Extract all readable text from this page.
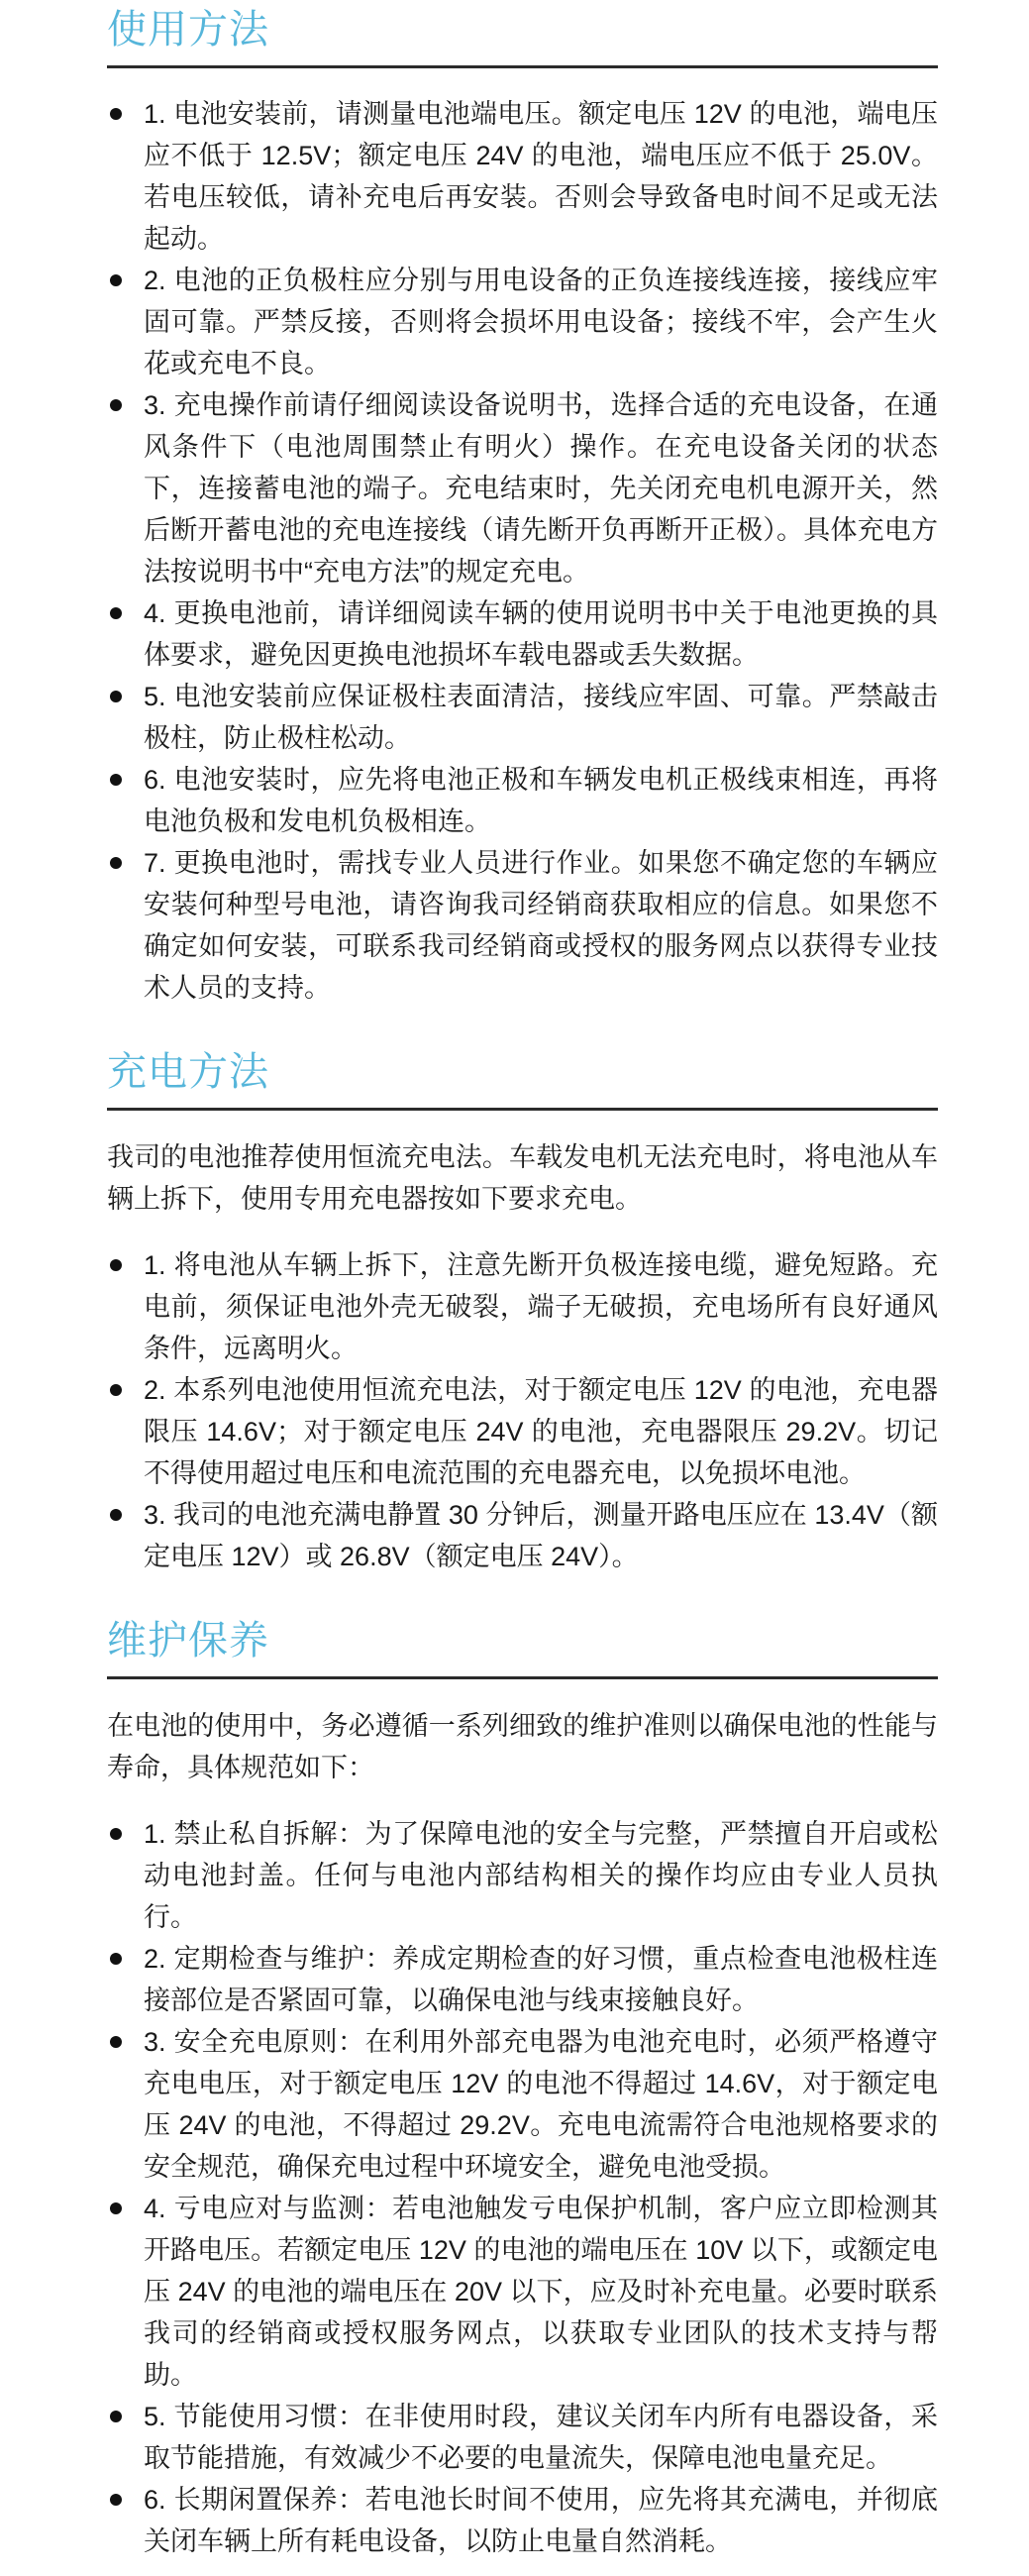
使用方法
1. 电池安装前，请测量电池端电压。额定电压 12V 的电池，端电压应不低于 12.5V；额定电压 24V 的电池，端电压应不低于 25.0V。若电压较低，请补充电后再安装。否则会导致备电时间不足或无法起动。
2. 电池的正负极柱应分别与用电设备的正负连接线连接，接线应牢固可靠。严禁反接，否则将会损坏用电设备；接线不牢，会产生火花或充电不良。
3. 充电操作前请仔细阅读设备说明书，选择合适的充电设备，在通风条件下（电池周围禁止有明火）操作。在充电设备关闭的状态下，连接蓄电池的端子。充电结束时，先关闭充电机电源开关，然后断开蓄电池的充电连接线（请先断开负再断开正极）。具体充电方法按说明书中“充电方法”的规定充电。
4. 更换电池前，请详细阅读车辆的使用说明书中关于电池更换的具体要求，避免因更换电池损坏车载电器或丢失数据。
5. 电池安装前应保证极柱表面清洁，接线应牢固、可靠。严禁敲击 极柱，防止极柱松动。
6. 电池安装时，应先将电池正极和车辆发电机正极线束相连，再将电池负极和发电机负极相连。
7. 更换电池时，需找专业人员进行作业。如果您不确定您的车辆应安装何种型号电池，请咨询我司经销商获取相应的信息。如果您不确定如何安装，可联系我司经销商或授权的服务网点以获得专业技术人员的支持。
充电方法

我司的电池推荐使用恒流充电法。车载发电机无法充电时，将电池从车辆上拆下，使用专用充电器按如下要求充电。

1. 将电池从车辆上拆下，注意先断开负极连接电缆，避免短路。充电前，须保证电池外壳无破裂，端子无破损，充电场所有良好通风条件，远离明火。
2. 本系列电池使用恒流充电法，对于额定电压 12V 的电池，充电器限压 14.6V；对于额定电压 24V 的电池，充电器限压 29.2V。切记不得使用超过电压和电流范围的充电器充电，以免损坏电池。
3. 我司的电池充满电静置 30 分钟后，测量开路电压应在 13.4V（额定电压 12V）或 26.8V（额定电压 24V）。
维护保养

在电池的使用中，务必遵循一系列细致的维护准则以确保电池的性能与寿命，具体规范如下：

1. 禁止私自拆解：为了保障电池的安全与完整，严禁擅自开启或松 动电池封盖。任何与电池内部结构相关的操作均应由专业人员执行。
2. 定期检查与维护：养成定期检查的好习惯，重点检查电池极柱连 接部位是否紧固可靠，以确保电池与线束接触良好。
3. 安全充电原则：在利用外部充电器为电池充电时，必须严格遵守充电电压，对于额定电压 12V 的电池不得超过 14.6V，对于额定电压 24V 的电池，不得超过 29.2V。充电电流需符合电池规格要求的安全规范，确保充电过程中环境安全，避免电池受损。
4. 亏电应对与监测：若电池触发亏电保护机制，客户应立即检测其开路电压。若额定电压 12V 的电池的端电压在 10V 以下，或额定电压 24V 的电池的端电压在 20V 以下，应及时补充电量。必要时联系我司的经销商或授权服务网点，以获取专业团队的技术支持与帮助。
5. 节能使用习惯：在非使用时段，建议关闭车内所有电器设备，采 取节能措施，有效减少不必要的电量流失，保障电池电量充足。
6. 长期闲置保养：若电池长时间不使用，应先将其充满电，并彻底关闭车辆上所有耗电设备，以防止电量自然消耗。
